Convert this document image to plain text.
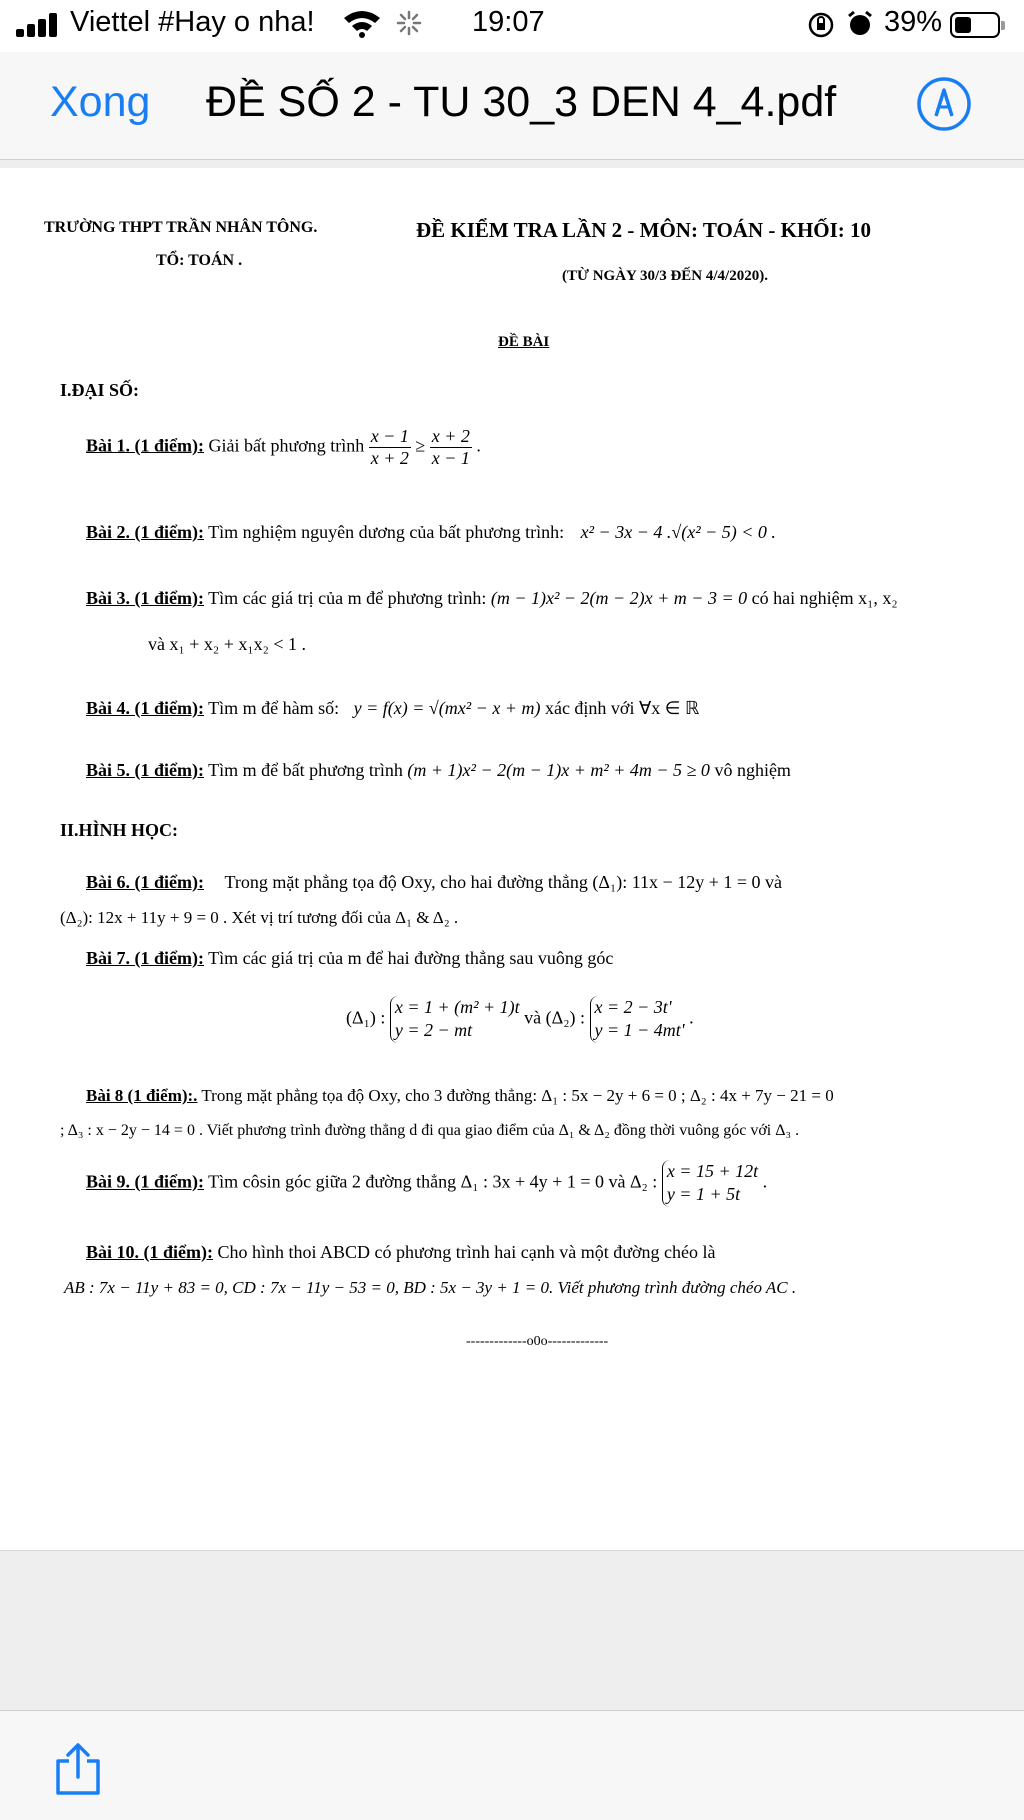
Viettel #Hay o nha!	19:07	39%
Xong ĐỀ SỐ 2 - TU 30_3 DEN 4_4.pdf
TRƯỜNG THPT TRẦN NHÂN TÔNG.
TỔ: TOÁN .
ĐỀ KIỂM TRA LẦN 2 - MÔN: TOÁN - KHỐI: 10
(TỪ NGÀY 30/3 ĐẾN 4/4/2020).
ĐỀ BÀI
I.ĐẠI SỐ:
Bài 1. (1 điểm): Giải bất phương trình $\frac{x - 1}{x + 2} \ge \frac{x + 2}{x - 1}$ .
Bài 2. (1 điểm): Tìm nghiệm nguyên dương của bất phương trình: x² − 3x − 4 .√(x² − 5) < 0 .
Bài 3. (1 điểm): Tìm các giá trị của m để phương trình: (m − 1)x² − 2(m − 2)x + m − 3 = 0 có hai nghiệm x₁, x₂
và x₁ + x₂ + x₁x₂ < 1 .
Bài 4. (1 điểm): Tìm m để hàm số: y = f(x) = √(mx² − x + m) xác định với ∀x ∈ ℝ
Bài 5. (1 điểm): Tìm m để bất phương trình (m + 1)x² − 2(m − 1)x + m² + 4m − 5 ≥ 0 vô nghiệm
II.HÌNH HỌC:
Bài 6. (1 điểm): Trong mặt phẳng tọa độ Oxy, cho hai đường thẳng (Δ₁): 11x − 12y + 1 = 0 và
(Δ₂): 12x + 11y + 9 = 0 . Xét vị trí tương đối của Δ₁ & Δ₂ .
Bài 7. (1 điểm): Tìm các giá trị của m để hai đường thẳng sau vuông góc
(Δ₁) :
x = 1 + (m² + 1)t
y = 2 − mt
và (Δ₂) :
x = 2 − 3t'
y = 1 − 4mt'
.
Bài 8 (1 điểm):. Trong mặt phẳng tọa độ Oxy, cho 3 đường thẳng: Δ₁ : 5x − 2y + 6 = 0 ; Δ₂ : 4x + 7y − 21 = 0
; Δ₃ : x − 2y − 14 = 0 . Viết phương trình đường thẳng d đi qua giao điểm của Δ₁ & Δ₂ đồng thời vuông góc với Δ₃ .
Bài 9. (1 điểm): Tìm côsin góc giữa 2 đường thẳng Δ₁ : 3x + 4y + 1 = 0 và Δ₂ :
x = 15 + 12t
y = 1 + 5t
.
Bài 10. (1 điểm): Cho hình thoi ABCD có phương trình hai cạnh và một đường chéo là
AB : 7x − 11y + 83 = 0, CD : 7x − 11y − 53 = 0, BD : 5x − 3y + 1 = 0. Viết phương trình đường chéo AC .
-------------o0o-------------
